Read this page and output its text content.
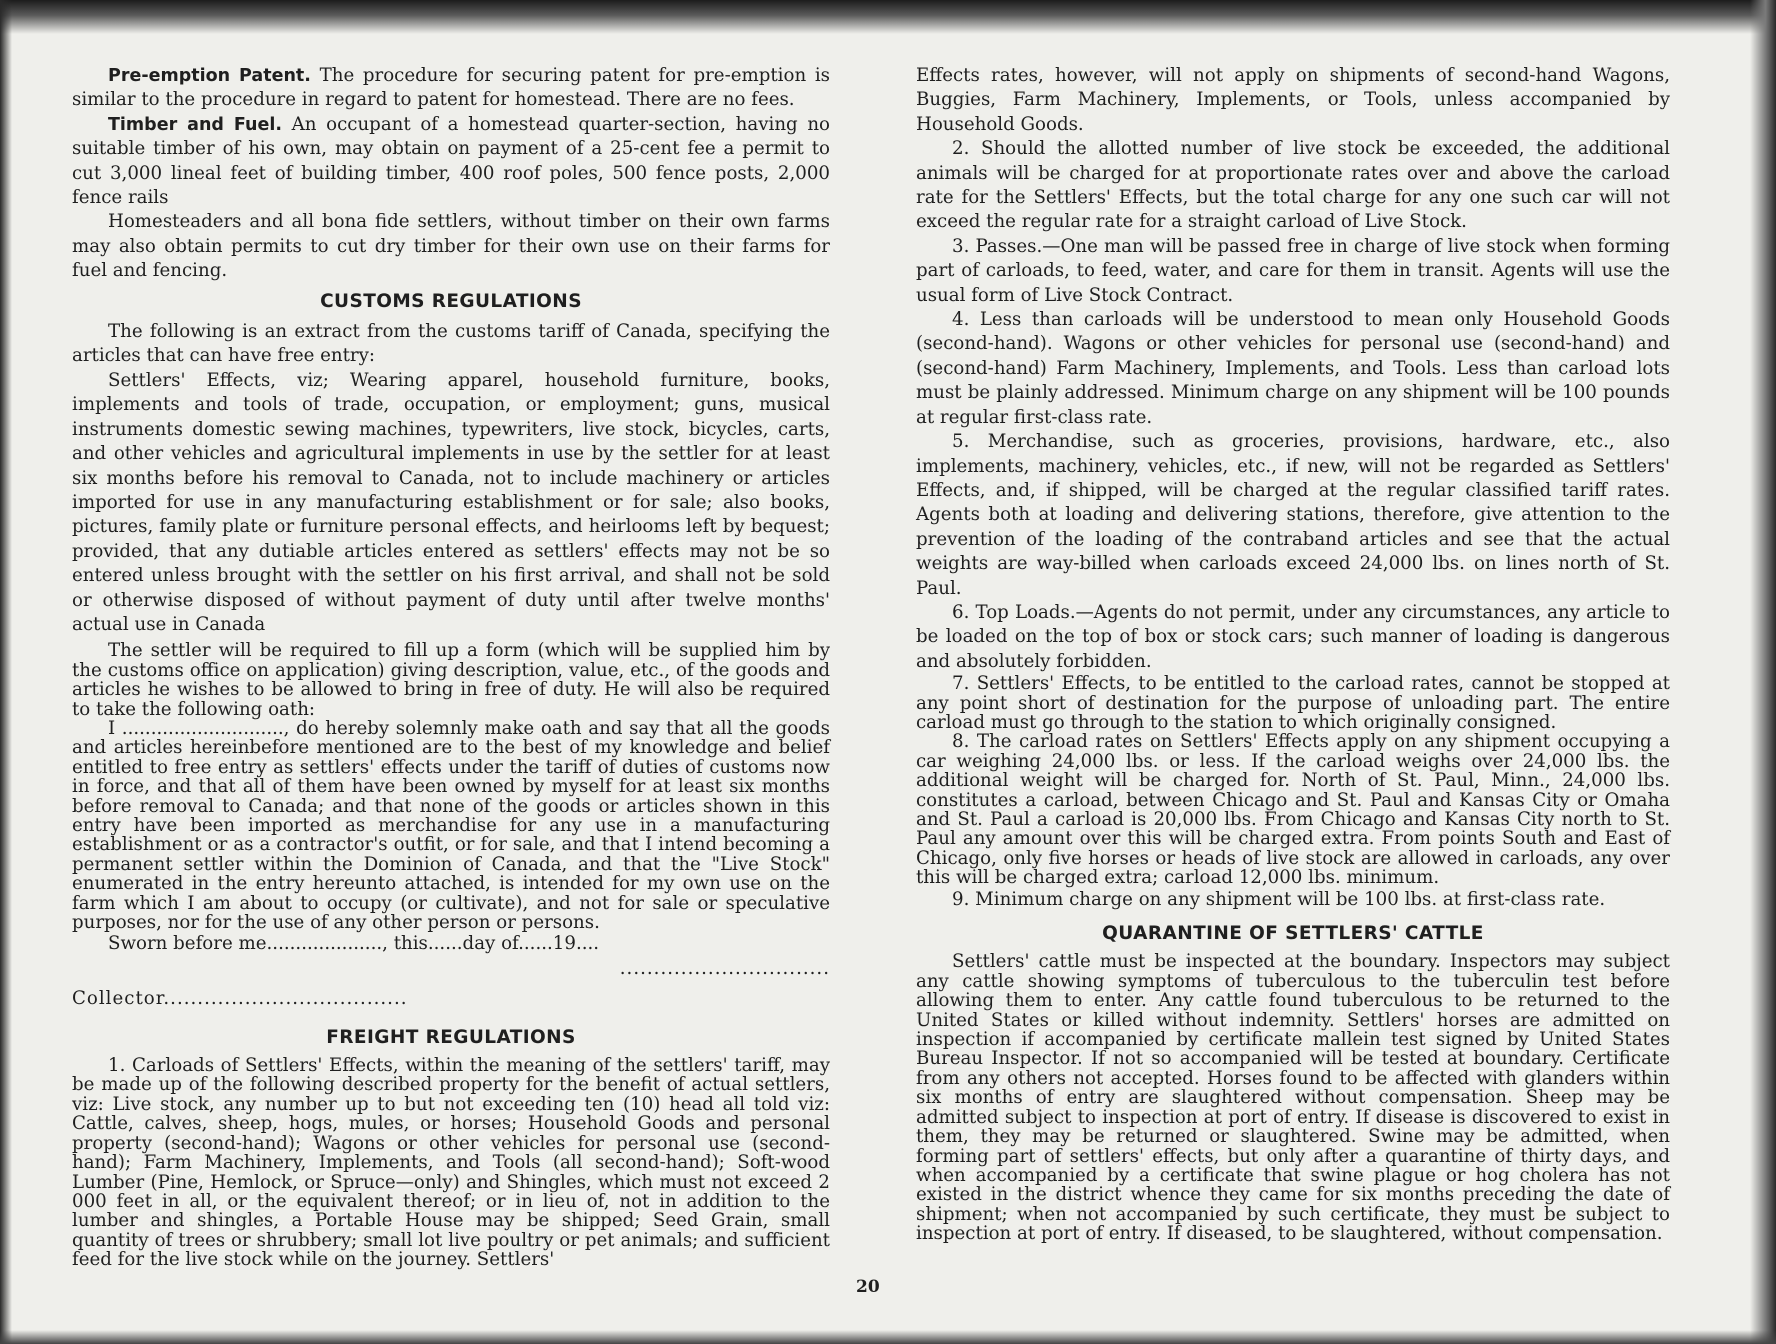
Pre-emption Patent. The procedure for securing patent for pre-emption is similar to the procedure in regard to patent for homestead. There are no fees.

Timber and Fuel. An occupant of a homestead quarter-section, having no suitable timber of his own, may obtain on payment of a 25-cent fee a permit to cut 3,000 lineal feet of building timber, 400 roof poles, 500 fence posts, 2,000 fence rails

Homesteaders and all bona fide settlers, without timber on their own farms may also obtain permits to cut dry timber for their own use on their farms for fuel and fencing.

CUSTOMS REGULATIONS

The following is an extract from the customs tariff of Canada, specifying the articles that can have free entry:

Settlers' Effects, viz; Wearing apparel, household furniture, books, implements and tools of trade, occupation, or employment; guns, musical instruments domestic sewing machines, typewriters, live stock, bicycles, carts, and other vehicles and agricultural implements in use by the settler for at least six months before his removal to Canada, not to include machinery or articles imported for use in any manufacturing establishment or for sale; also books, pictures, family plate or furniture personal effects, and heirlooms left by bequest; provided, that any dutiable articles entered as settlers' effects may not be so entered unless brought with the settler on his first arrival, and shall not be sold or otherwise disposed of without payment of duty until after twelve months' actual use in Canada

The settler will be required to fill up a form (which will be supplied him by the customs office on application) giving description, value, etc., of the goods and articles he wishes to be allowed to bring in free of duty. He will also be required to take the following oath:

I ............................, do hereby solemnly make oath and say that all the goods and articles hereinbefore mentioned are to the best of my knowledge and belief entitled to free entry as settlers' effects under the tariff of duties of customs now in force, and that all of them have been owned by myself for at least six months before removal to Canada; and that none of the goods or articles shown in this entry have been imported as merchandise for any use in a manufacturing establishment or as a contractor's outfit, or for sale, and that I intend becoming a permanent settler within the Dominion of Canada, and that the "Live Stock" enumerated in the entry hereunto attached, is intended for my own use on the farm which I am about to occupy (or cultivate), and not for sale or speculative purposes, nor for the use of any other person or persons.

Sworn before me...................., this......day of......19....

...............................
Collector....................................
FREIGHT REGULATIONS

1. Carloads of Settlers' Effects, within the meaning of the settlers' tariff, may be made up of the following described property for the benefit of actual settlers, viz: Live stock, any number up to but not exceeding ten (10) head all told viz: Cattle, calves, sheep, hogs, mules, or horses; Household Goods and personal property (second-hand); Wagons or other vehicles for personal use (second-hand); Farm Machinery, Implements, and Tools (all second-hand); Soft-wood Lumber (Pine, Hemlock, or Spruce—only) and Shingles, which must not exceed 2 000 feet in all, or the equivalent thereof; or in lieu of, not in addition to the lumber and shingles, a Portable House may be shipped; Seed Grain, small quantity of trees or shrubbery; small lot live poultry or pet animals; and sufficient feed for the live stock while on the journey. Settlers'

Effects rates, however, will not apply on shipments of second-hand Wagons, Buggies, Farm Machinery, Implements, or Tools, unless accompanied by Household Goods.

2. Should the allotted number of live stock be exceeded, the additional animals will be charged for at proportionate rates over and above the carload rate for the Settlers' Effects, but the total charge for any one such car will not exceed the regular rate for a straight carload of Live Stock.

3. Passes.—One man will be passed free in charge of live stock when forming part of carloads, to feed, water, and care for them in transit. Agents will use the usual form of Live Stock Contract.

4. Less than carloads will be understood to mean only Household Goods (second-hand). Wagons or other vehicles for personal use (second-hand) and (second-hand) Farm Machinery, Implements, and Tools. Less than carload lots must be plainly addressed. Minimum charge on any shipment will be 100 pounds at regular first-class rate.

5. Merchandise, such as groceries, provisions, hardware, etc., also implements, machinery, vehicles, etc., if new, will not be regarded as Settlers' Effects, and, if shipped, will be charged at the regular classified tariff rates. Agents both at loading and delivering stations, therefore, give attention to the prevention of the loading of the contraband articles and see that the actual weights are way-billed when carloads exceed 24,000 lbs. on lines north of St. Paul.

6. Top Loads.—Agents do not permit, under any circumstances, any article to be loaded on the top of box or stock cars; such manner of loading is dangerous and absolutely forbidden.

7. Settlers' Effects, to be entitled to the carload rates, cannot be stopped at any point short of destination for the purpose of unloading part. The entire carload must go through to the station to which originally consigned.

8. The carload rates on Settlers' Effects apply on any shipment occupying a car weighing 24,000 lbs. or less. If the carload weighs over 24,000 lbs. the additional weight will be charged for. North of St. Paul, Minn., 24,000 lbs. constitutes a carload, between Chicago and St. Paul and Kansas City or Omaha and St. Paul a carload is 20,000 lbs. From Chicago and Kansas City north to St. Paul any amount over this will be charged extra. From points South and East of Chicago, only five horses or heads of live stock are allowed in carloads, any over this will be charged extra; carload 12,000 lbs. minimum.

9. Minimum charge on any shipment will be 100 lbs. at first-class rate.

QUARANTINE OF SETTLERS' CATTLE

Settlers' cattle must be inspected at the boundary. Inspectors may subject any cattle showing symptoms of tuberculous to the tuberculin test before allowing them to enter. Any cattle found tuberculous to be returned to the United States or killed without indemnity. Settlers' horses are admitted on inspection if accompanied by certificate mallein test signed by United States Bureau Inspector. If not so accompanied will be tested at boundary. Certificate from any others not accepted. Horses found to be affected with glanders within six months of entry are slaughtered without compensation. Sheep may be admitted subject to inspection at port of entry. If disease is discovered to exist in them, they may be returned or slaughtered. Swine may be admitted, when forming part of settlers' effects, but only after a quarantine of thirty days, and when accompanied by a certificate that swine plague or hog cholera has not existed in the district whence they came for six months preceding the date of shipment; when not accompanied by such certificate, they must be subject to inspection at port of entry. If diseased, to be slaughtered, without compensation.

20
